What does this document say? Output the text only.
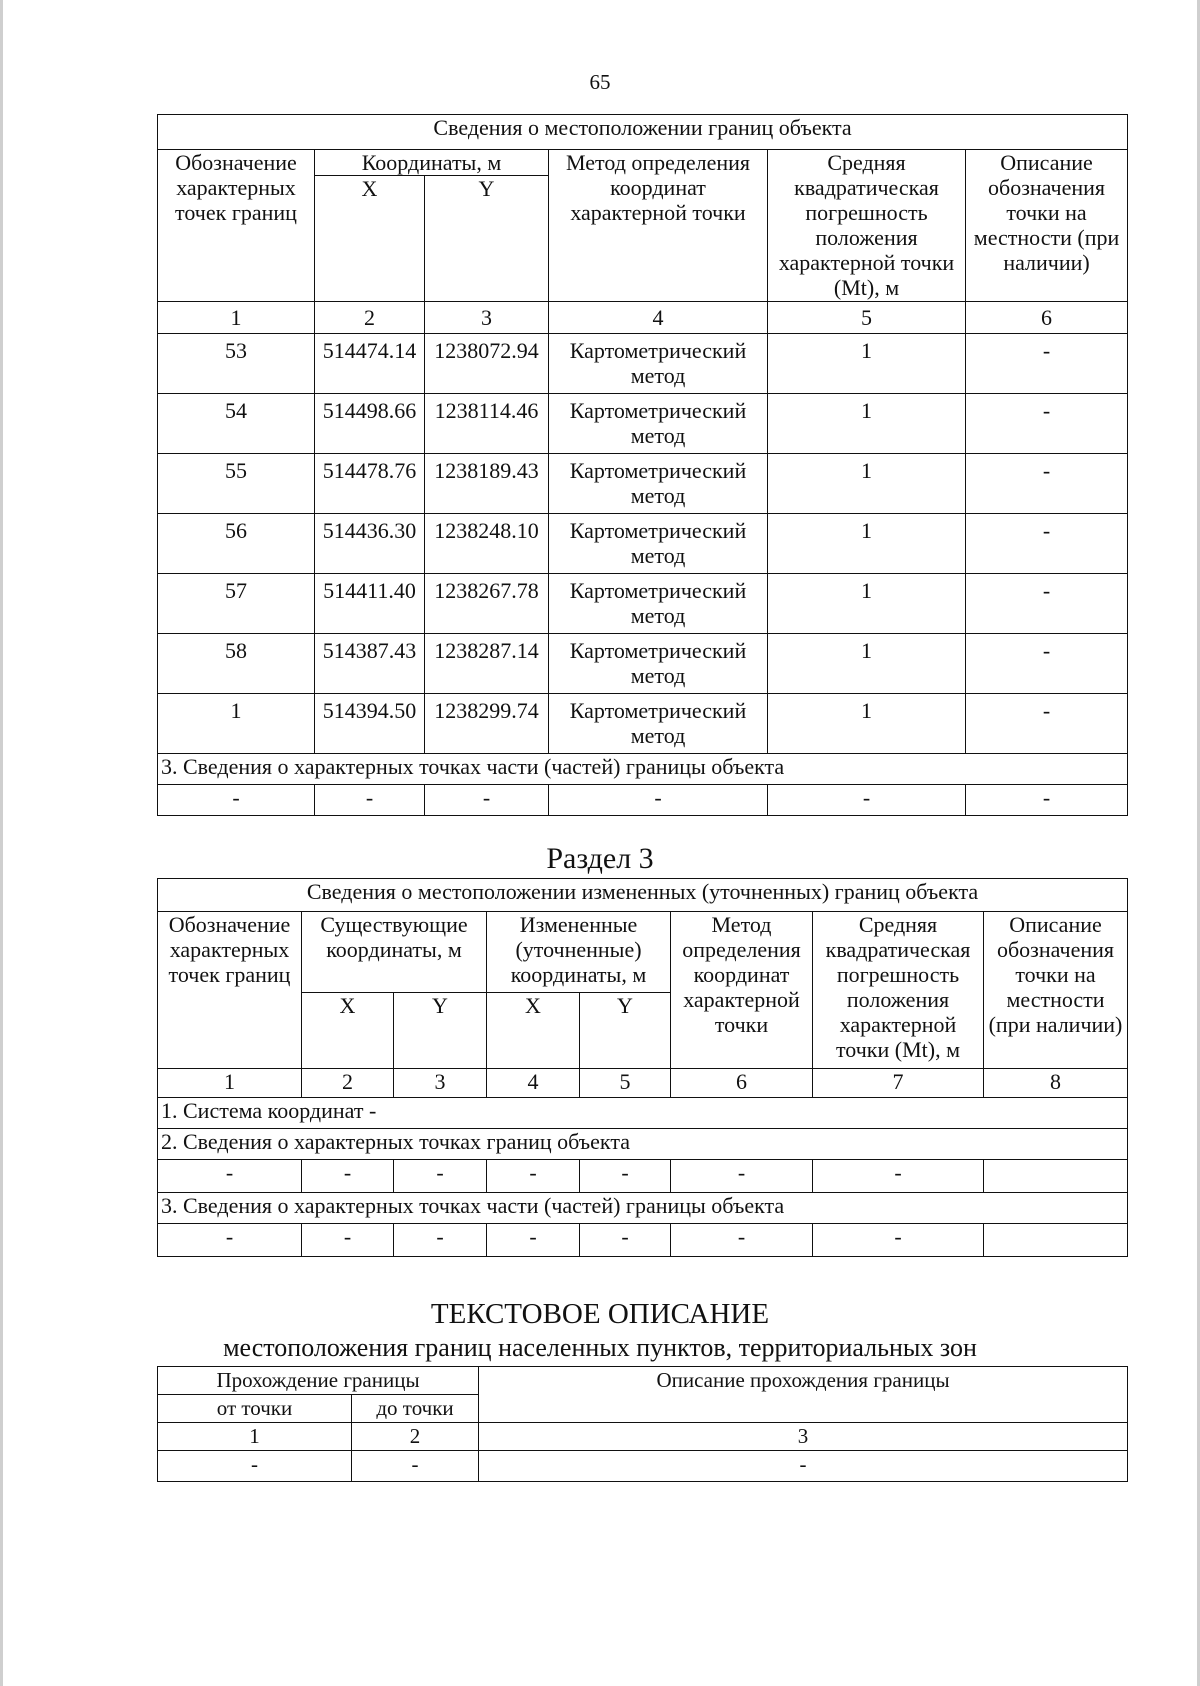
65
Сведения о местоположении границ объекта					
Обозначение характерных точек границ	Координаты, м		Метод определения координат характерной точки	Средняя квадратическая погрешность положения характерной точки (Mt), м	Описание обозначения точки на местности (при наличии)
	X	Y			
1	2	3	4	5	6
53	514474.14	1238072.94	Картометрический метод	1	-
54	514498.66	1238114.46	Картометрический метод	1	-
55	514478.76	1238189.43	Картометрический метод	1	-
56	514436.30	1238248.10	Картометрический метод	1	-
57	514411.40	1238267.78	Картометрический метод	1	-
58	514387.43	1238287.14	Картометрический метод	1	-
1	514394.50	1238299.74	Картометрический метод	1	-
3. Сведения о характерных точках части (частей) границы объекта					
-	-	-	-	-	-
Раздел 3
Сведения о местоположении измененных (уточненных) границ объекта							
Обозначение характерных точек границ	Существующие координаты, м		Измененные (уточненные) координаты, м		Метод определения координат характерной точки	Средняя квадратическая погрешность положения характерной точки (Mt), м	Описание обозначения точки на местности (при наличии)
	X	Y	X	Y			
1	2	3	4	5	6	7	8
1. Система координат -							
2. Сведения о характерных точках границ объекта							
-	-	-	-	-	-	-	
3. Сведения о характерных точках части (частей) границы объекта							
-	-	-	-	-	-	-	
ТЕКСТОВОЕ ОПИСАНИЕ
местоположения границ населенных пунктов, территориальных зон
Прохождение границы		Описание прохождения границы
от точки	до точки	
1	2	3
-	-	-
